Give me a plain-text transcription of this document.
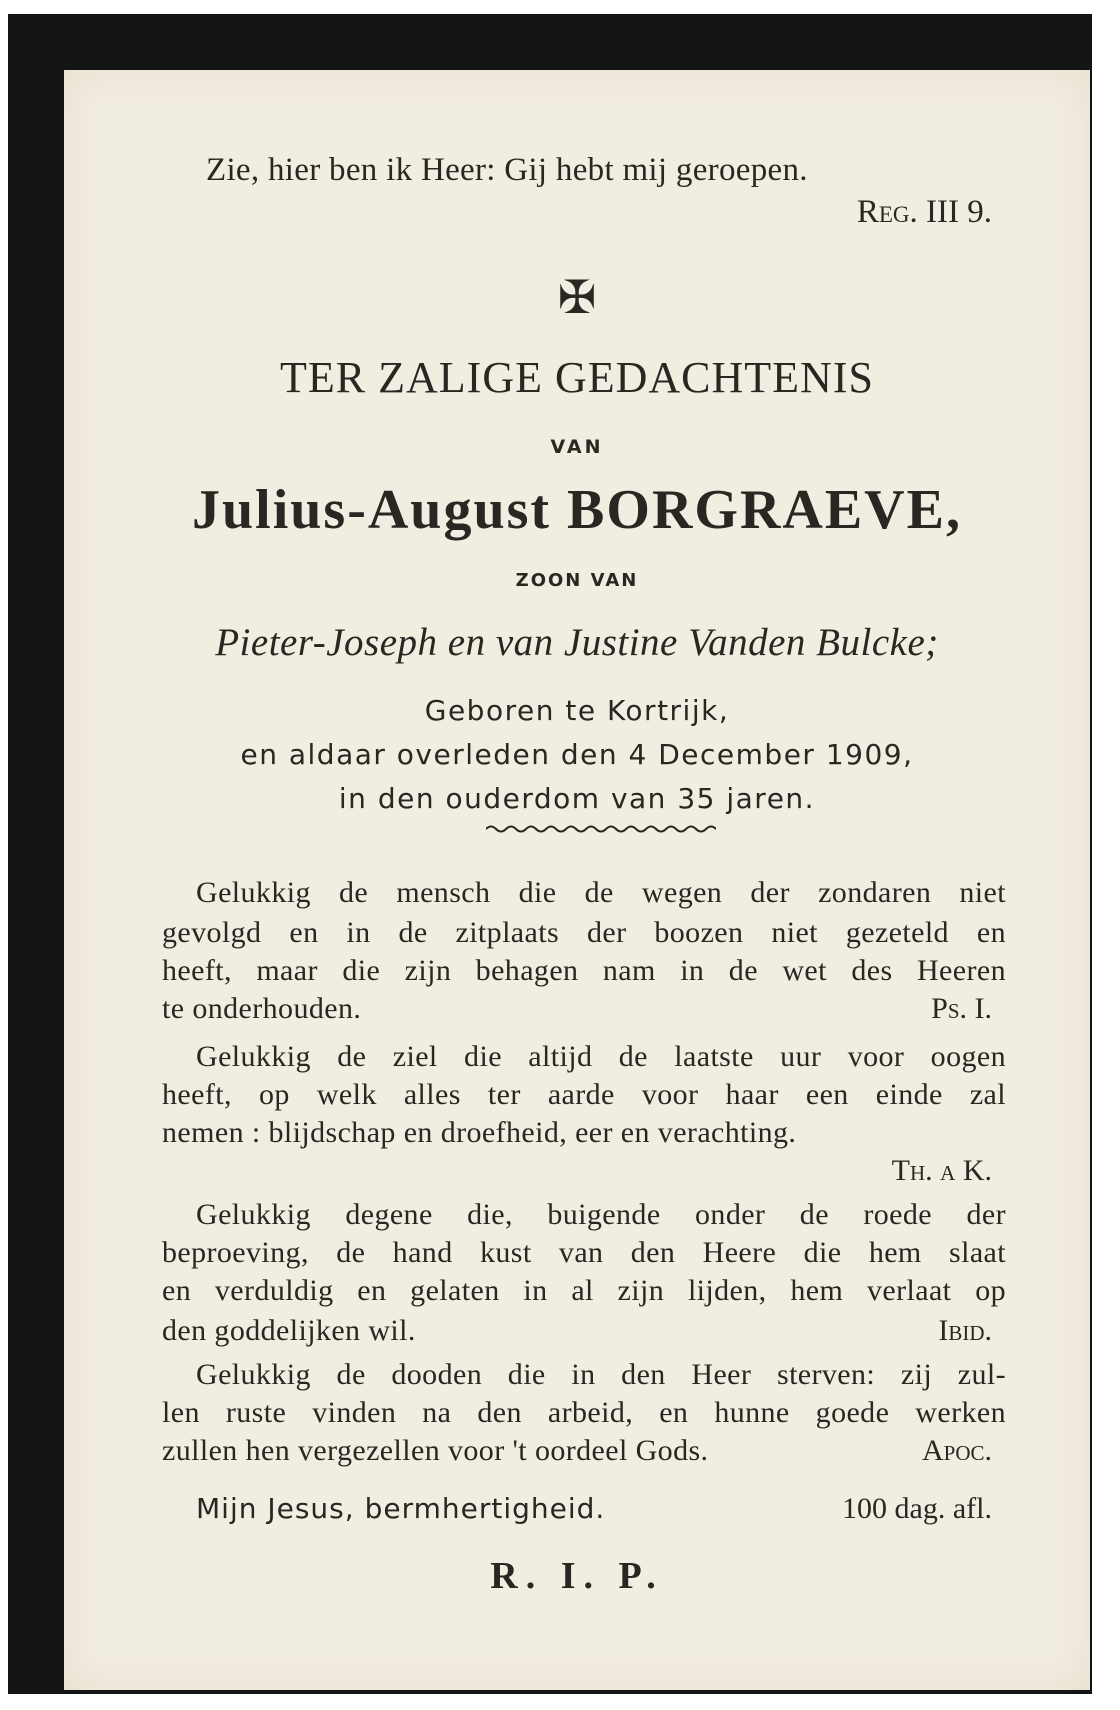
Zie, hier ben ik Heer: Gij hebt mij geroepen.
Reg. III 9.
✠
TER ZALIGE GEDACHTENIS
VAN
Julius-August BORGRAEVE,
ZOON VAN
Pieter-Joseph en van Justine Vanden Bulcke;
Geboren te Kortrijk,
en aldaar overleden den 4 December 1909,
in den ouderdom van 35 jaren.
Gelukkig de mensch die de wegen der zondaren niet
gevolgd en in de zitplaats der boozen niet gezeteld en
heeft, maar die zijn behagen nam in de wet des Heeren
te onderhouden.	Ps. I.
Gelukkig de ziel die altijd de laatste uur voor oogen
heeft, op welk alles ter aarde voor haar een einde zal
nemen : blijdschap en droefheid, eer en verachting.
Th. a K.
Gelukkig degene die, buigende onder de roede der
beproeving, de hand kust van den Heere die hem slaat
en verduldig en gelaten in al zijn lijden, hem verlaat op
den goddelijken wil.	Ibid.
Gelukkig de dooden die in den Heer sterven: zij zul-
len ruste vinden na den arbeid, en hunne goede werken
zullen hen vergezellen voor 't oordeel Gods.	Apoc.
Mijn Jesus, bermhertigheid.	100 dag. afl.
R. I. P.
